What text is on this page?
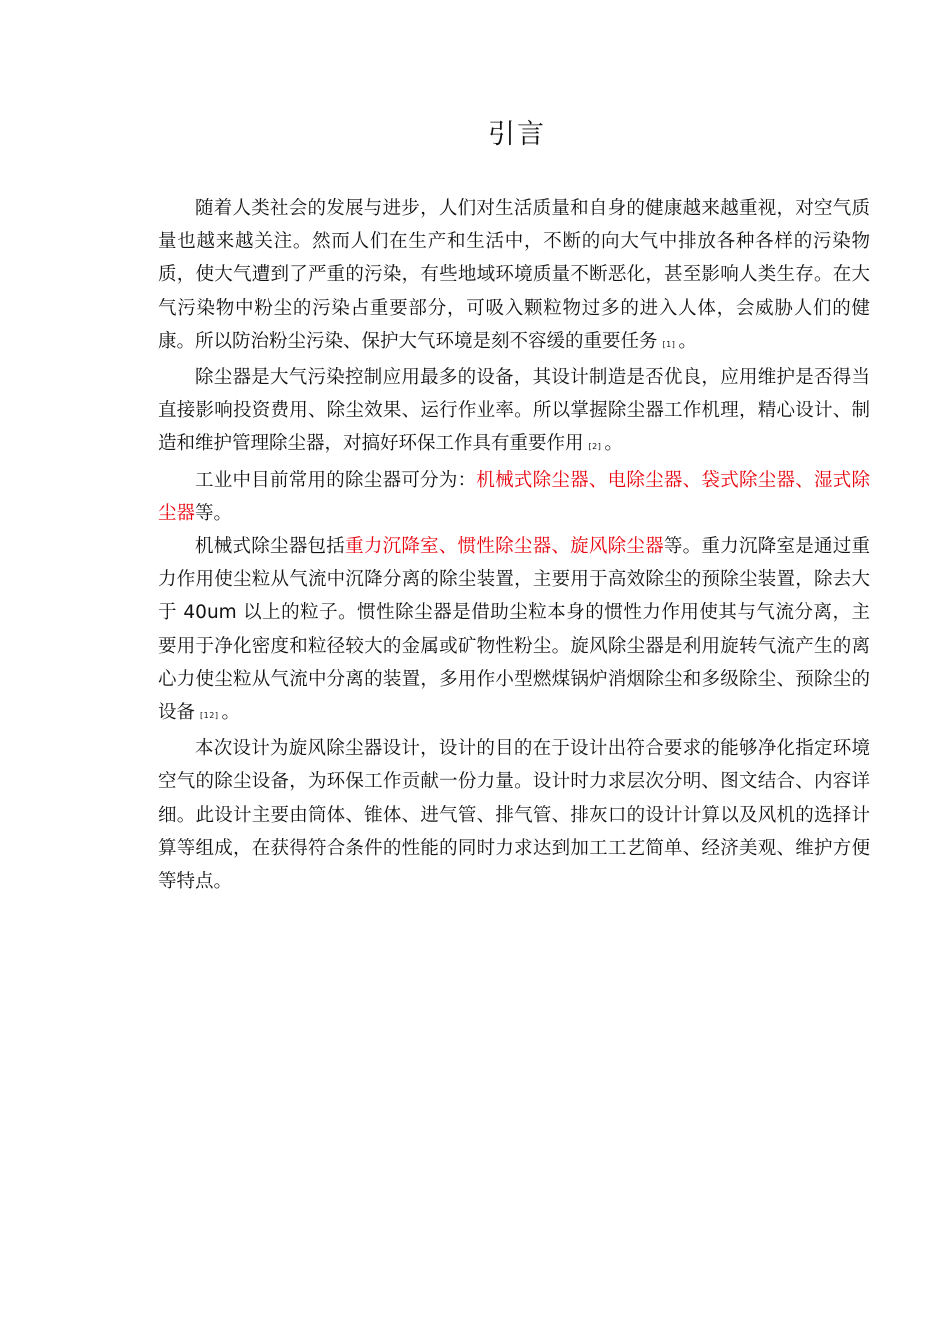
引言

随着人类社会的发展与进步，人们对生活质量和自身的健康越来越重视，对空气质量也越来越关注。然而人们在生产和生活中，不断的向大气中排放各种各样的污染物质，使大气遭到了严重的污染，有些地域环境质量不断恶化，甚至影响人类生存。在大气污染物中粉尘的污染占重要部分，可吸入颗粒物过多的进入人体，会威胁人们的健康。所以防治粉尘污染、保护大气环境是刻不容缓的重要任务 [1] 。

除尘器是大气污染控制应用最多的设备，其设计制造是否优良，应用维护是否得当直接影响投资费用、除尘效果、运行作业率。所以掌握除尘器工作机理，精心设计、制造和维护管理除尘器，对搞好环保工作具有重要作用 [2] 。

工业中目前常用的除尘器可分为：机械式除尘器、电除尘器、袋式除尘器、湿式除尘器等。

机械式除尘器包括重力沉降室、惯性除尘器、旋风除尘器等。重力沉降室是通过重力作用使尘粒从气流中沉降分离的除尘装置，主要用于高效除尘的预除尘装置，除去大于 40um 以上的粒子。惯性除尘器是借助尘粒本身的惯性力作用使其与气流分离，主要用于净化密度和粒径较大的金属或矿物性粉尘。旋风除尘器是利用旋转气流产生的离心力使尘粒从气流中分离的装置，多用作小型燃煤锅炉消烟除尘和多级除尘、预除尘的设备 [12] 。

本次设计为旋风除尘器设计，设计的目的在于设计出符合要求的能够净化指定环境空气的除尘设备，为环保工作贡献一份力量。设计时力求层次分明、图文结合、内容详细。此设计主要由筒体、锥体、进气管、排气管、排灰口的设计计算以及风机的选择计算等组成，在获得符合条件的性能的同时力求达到加工工艺简单、经济美观、维护方便等特点。
